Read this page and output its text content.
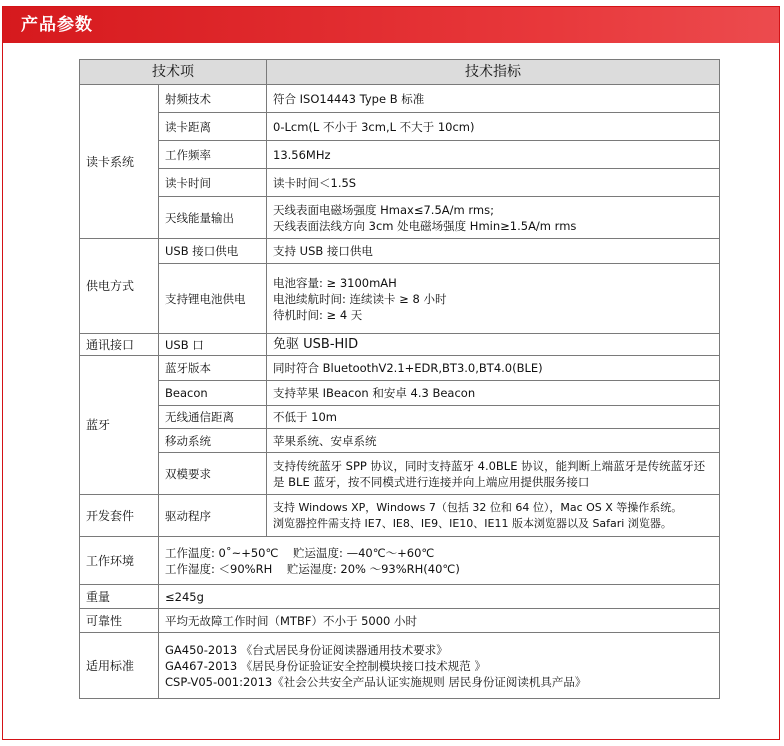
产品参数
技术项		技术指标
读卡系统	射频技术	符合 ISO14443 Type B 标准

	读卡距离	0-Lcm(L 不小于 3cm,L 不大于 10cm)

	工作频率	13.56MHz

	读卡时间	读卡时间＜1.5S

	天线能量输出	天线表面电磁场强度 Hmax≤7.5A/m rms;
天线表面法线方向 3cm 处电磁场强度 Hmin≥1.5A/m rms

供电方式	USB 接口供电	支持 USB 接口供电

	支持锂电池供电	电池容量: ≥ 3100mAH
电池续航时间: 连续读卡 ≥ 8 小时
待机时间: ≥ 4 天

通讯接口	USB 口	免驱 USB-HID

蓝牙	蓝牙版本	同时符合 BluetoothV2.1+EDR,BT3.0,BT4.0(BLE)

	Beacon	支持苹果 IBeacon 和安卓 4.3 Beacon

	无线通信距离	不低于 10m

	移动系统	苹果系统、安卓系统

	双模要求	支持传统蓝牙 SPP 协议，同时支持蓝牙 4.0BLE 协议，能判断上端蓝牙是传统蓝牙还是 BLE 蓝牙，按不同模式进行连接并向上端应用提供服务接口

开发套件	驱动程序	支持 Windows XP，Windows 7（包括 32 位和 64 位），Mac OS X 等操作系统。
浏览器控件需支持 IE7、IE8、IE9、IE10、IE11 版本浏览器以及 Safari 浏览器。

工作环境	工作温度: 0˚~+50℃    贮运温度: —40℃～+60℃
工作湿度: ＜90%RH    贮运湿度: 20% ～93%RH(40℃)	

重量	≤245g	

可靠性	平均无故障工作时间（MTBF）不小于 5000 小时	

适用标准	GA450-2013 《台式居民身份证阅读器通用技术要求》
GA467-2013 《居民身份证验证安全控制模块接口技术规范 》
CSP-V05-001:2013《社会公共安全产品认证实施规则 居民身份证阅读机具产品》	
